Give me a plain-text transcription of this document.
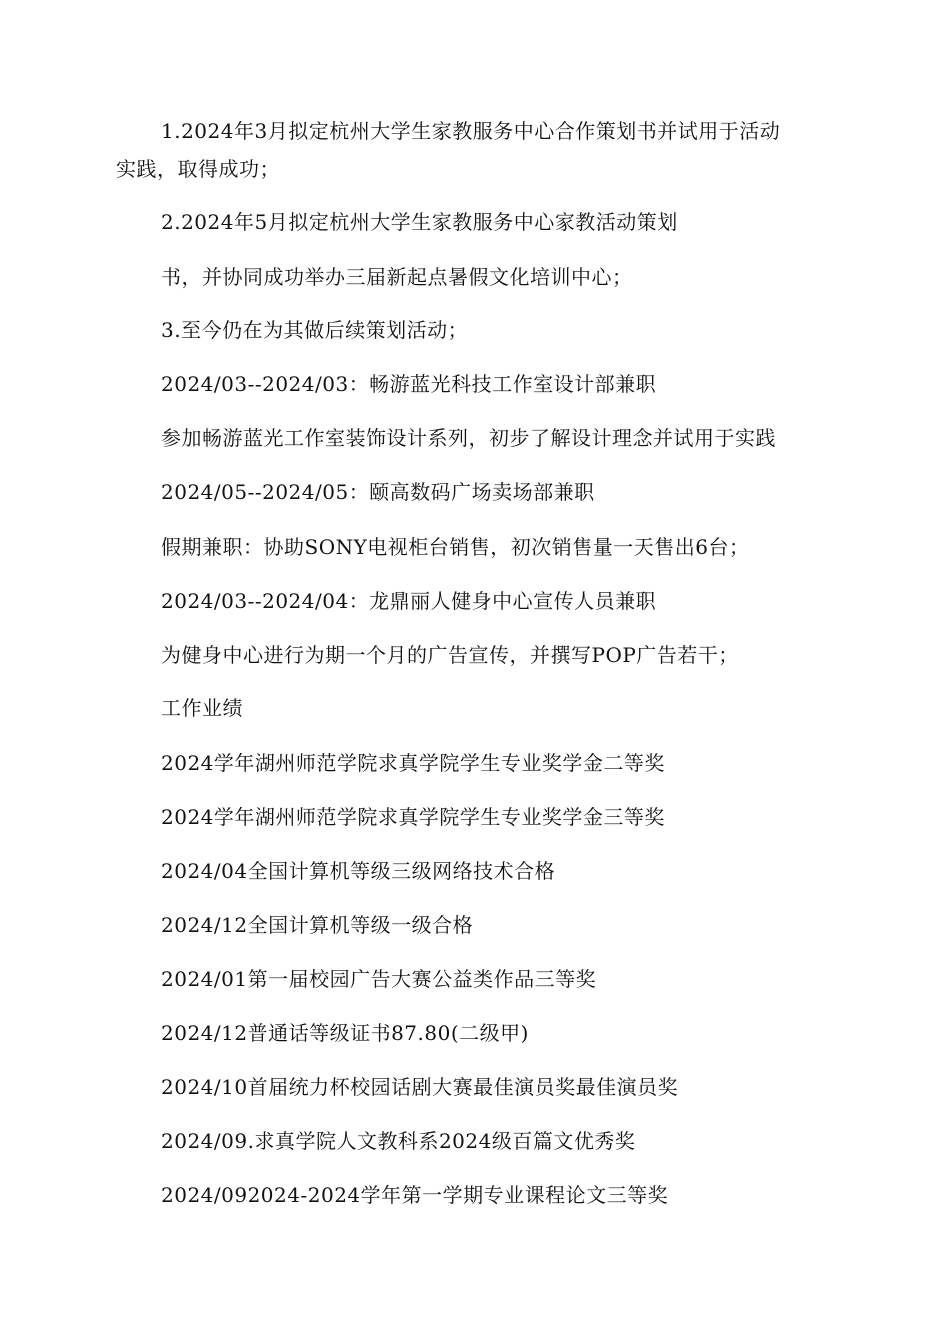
1.2024年3月拟定杭州大学生家教服务中心合作策划书并试用于活动
实践，取得成功；
2.2024年5月拟定杭州大学生家教服务中心家教活动策划
书，并协同成功举办三届新起点暑假文化培训中心；
3.至今仍在为其做后续策划活动；
2024/03--2024/03：畅游蓝光科技工作室设计部兼职
参加畅游蓝光工作室装饰设计系列，初步了解设计理念并试用于实践
2024/05--2024/05：颐高数码广场卖场部兼职
假期兼职：协助SONY电视柜台销售，初次销售量一天售出6台；
2024/03--2024/04：龙鼎丽人健身中心宣传人员兼职
为健身中心进行为期一个月的广告宣传，并撰写POP广告若干；
工作业绩
2024学年湖州师范学院求真学院学生专业奖学金二等奖
2024学年湖州师范学院求真学院学生专业奖学金三等奖
2024/04全国计算机等级三级网络技术合格
2024/12全国计算机等级一级合格
2024/01第一届校园广告大赛公益类作品三等奖
2024/12普通话等级证书87.80(二级甲)
2024/10首届统力杯校园话剧大赛最佳演员奖最佳演员奖
2024/09.求真学院人文教科系2024级百篇文优秀奖
2024/092024-2024学年第一学期专业课程论文三等奖
